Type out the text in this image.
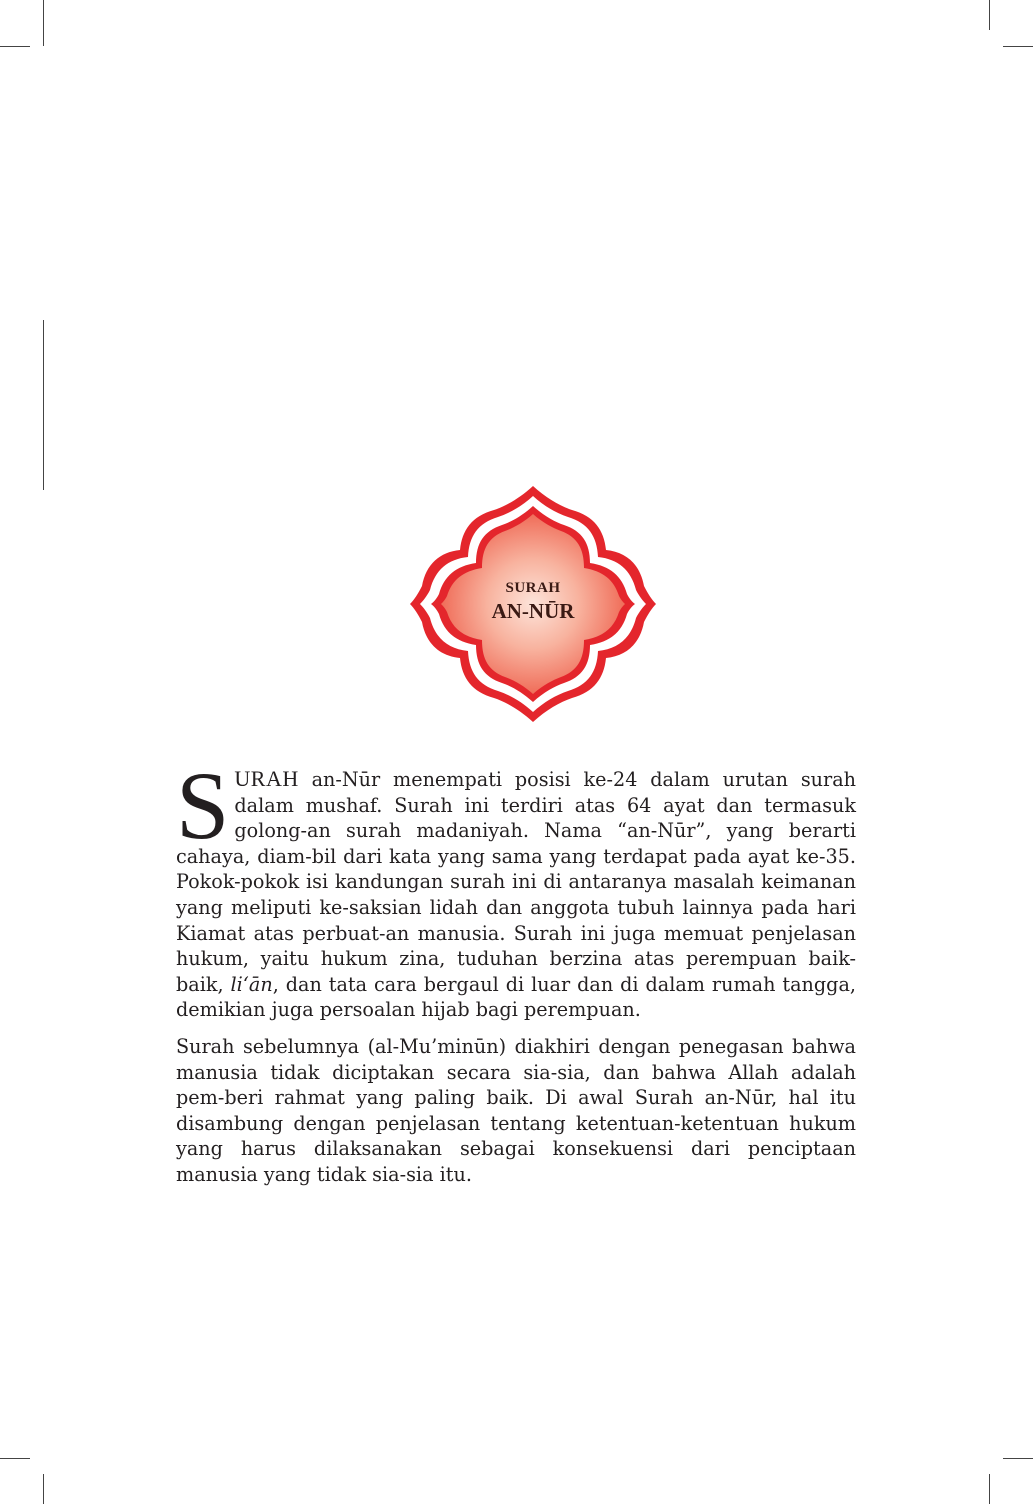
SURAH
AN-NŪR

SURAH an-Nūr menempati posisi ke-24 dalam urutan surah dalam mushaf. Surah ini terdiri atas 64 ayat dan termasuk golong-an surah madaniyah. Nama “an-Nūr”, yang berarti cahaya, diam-bil dari kata yang sama yang terdapat pada ayat ke-35. Pokok-pokok isi kandungan surah ini di antaranya masalah keimanan yang meliputi ke-saksian lidah dan anggota tubuh lainnya pada hari Kiamat atas perbuat-an manusia. Surah ini juga memuat penjelasan hukum, yaitu hukum zina, tuduhan berzina atas perempuan baik-baik, li‘ān, dan tata cara bergaul di luar dan di dalam rumah tangga, demikian juga persoalan hijab bagi perempuan.

Surah sebelumnya (al-Mu’minūn) diakhiri dengan penegasan bahwa manusia tidak diciptakan secara sia-sia, dan bahwa Allah adalah pem-beri rahmat yang paling baik. Di awal Surah an-Nūr, hal itu disambung dengan penjelasan tentang ketentuan-ketentuan hukum yang harus dilaksanakan sebagai konsekuensi dari penciptaan manusia yang tidak sia-sia itu.
